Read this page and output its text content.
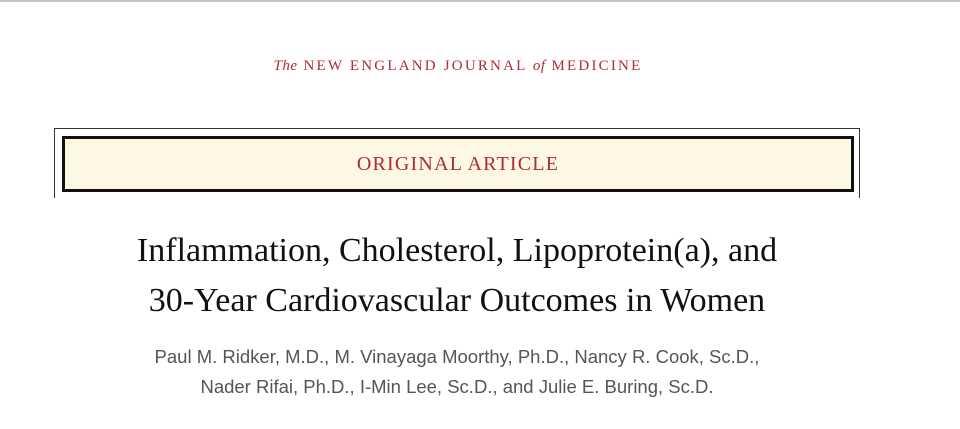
The NEW ENGLAND JOURNAL of MEDICINE
ORIGINAL ARTICLE
Inflammation, Cholesterol, Lipoprotein(a), and
30-Year Cardiovascular Outcomes in Women
Paul M. Ridker, M.D., M. Vinayaga Moorthy, Ph.D., Nancy R. Cook, Sc.D.,
Nader Rifai, Ph.D., I-Min Lee, Sc.D., and Julie E. Buring, Sc.D.
